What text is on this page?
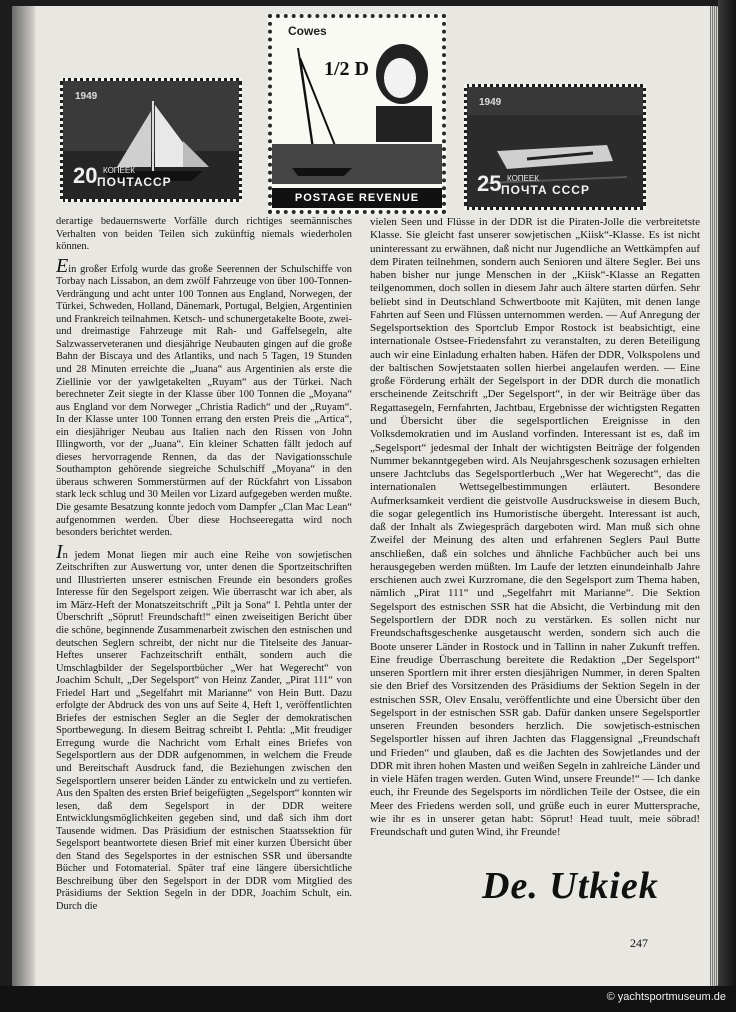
1949
КОПЕЕК
20 ПОЧТАССР
Cowes
1/2 D
POSTAGE REVENUE
1949
КОПЕЕК
25 ПОЧТА СССР

derartige bedauernswerte Vorfälle durch richtiges seemännisches Verhalten von beiden Teilen sich zukünftig niemals wiederholen können.

Ein großer Erfolg wurde das große Seerennen der Schulschiffe von Torbay nach Lissabon, an dem zwölf Fahrzeuge von über 100-Tonnen-Verdrängung und acht unter 100 Tonnen aus England, Norwegen, der Türkei, Schweden, Holland, Dänemark, Portugal, Belgien, Argentinien und Frankreich teilnahmen. Ketsch- und schunergetakelte Boote, zwei- und dreimastige Fahrzeuge mit Rah- und Gaffelsegeln, alte Salzwasserveteranen und diesjährige Neubauten gingen auf die große Bahn der Biscaya und des Atlantiks, und nach 5 Tagen, 19 Stunden und 28 Minuten erreichte die „Juana“ aus Argentinien als erste die Ziellinie vor der yawlgetakelten „Ruyam“ aus der Türkei. Nach berechneter Zeit siegte in der Klasse über 100 Tonnen die „Moyana“ aus England vor dem Norweger „Christia Radich“ und der „Ruyam“. In der Klasse unter 100 Tonnen errang den ersten Preis die „Artica“, ein diesjähriger Neubau aus Italien nach den Rissen von John Illingworth, vor der „Juana“. Ein kleiner Schatten fällt jedoch auf dieses hervorragende Rennen, da das der Navigationsschule Southampton gehörende siegreiche Schulschiff „Moyana“ in den überaus schweren Sommerstürmen auf der Rückfahrt von Lissabon stark leck schlug und 30 Meilen vor Lizard aufgegeben werden mußte. Die gesamte Besatzung konnte jedoch vom Dampfer „Clan Mac Lean“ aufgenommen werden. Über diese Hochseeregatta wird noch besonders berichtet werden.

In jedem Monat liegen mir auch eine Reihe von sowjetischen Zeitschriften zur Auswertung vor, unter denen die Sportzeitschriften und Illustrierten unserer estnischen Freunde ein besonders großes Interesse für den Segelsport zeigen. Wie überrascht war ich aber, als im März-Heft der Monatszeitschrift „Pilt ja Sona“ I. Pehtla unter der Überschrift „Söprut! Freundschaft!“ einen zweiseitigen Bericht über die schöne, beginnende Zusammenarbeit zwischen den estnischen und deutschen Seglern schreibt, der nicht nur die Titelseite des Januar-Heftes unserer Fachzeitschrift enthält, sondern auch die Umschlagbilder der Segelsportbücher „Wer hat Wegerecht“ von Joachim Schult, „Der Segelsport“ von Heinz Zander, „Pirat 111“ von Friedel Hart und „Segelfahrt mit Marianne“ von Hein Butt. Dazu erfolgte der Abdruck des von uns auf Seite 4, Heft 1, veröffentlichten Briefes der estnischen Segler an die Segler der demokratischen Sportbewegung. In diesem Beitrag schreibt I. Pehtla: „Mit freudiger Erregung wurde die Nachricht vom Erhalt eines Briefes von Segelsportlern aus der DDR aufgenommen, in welchem die Freude und Bereitschaft Ausdruck fand, die Beziehungen zwischen den Segelsportlern unserer beiden Länder zu entwickeln und zu vertiefen. Aus den Spalten des ersten Brief beigefügten „Segelsport“ konnten wir lesen, daß dem Segelsport in der DDR weitere Entwicklungsmöglichkeiten gegeben sind, und daß sich ihm dort Tausende widmen. Das Präsidium der estnischen Staatssektion für Segelsport beantwortete diesen Brief mit einer kurzen Übersicht über den Stand des Segelsportes in der estnischen SSR und übersandte Bücher und Fotomaterial. Später traf eine längere übersichtliche Beschreibung über den Segelsport in der DDR vom Mitglied des Präsidiums der Sektion Segeln in der DDR, Joachim Schult, ein. Durch die

vielen Seen und Flüsse in der DDR ist die Piraten-Jolle die verbreitetste Klasse. Sie gleicht fast unserer sowjetischen „Kiisk“-Klasse. Es ist nicht uninteressant zu erwähnen, daß nicht nur Jugendliche an Wettkämpfen auf dem Piraten teilnehmen, sondern auch Senioren und ältere Segler. Bei uns haben bisher nur junge Menschen in der „Kiisk“-Klasse an Regatten teilgenommen, doch sollen in diesem Jahr auch ältere starten dürfen. Sehr beliebt sind in Deutschland Schwertboote mit Kajüten, mit denen lange Fahrten auf Seen und Flüssen unternommen werden. — Auf Anregung der Segelsportsektion des Sportclub Empor Rostock ist beabsichtigt, eine internationale Ostsee-Friedensfahrt zu veranstalten, zu deren Beteiligung auch wir eine Einladung erhalten haben. Häfen der DDR, Volkspolens und der baltischen Sowjetstaaten sollen hierbei angelaufen werden. — Eine große Förderung erhält der Segelsport in der DDR durch die monatlich erscheinende Zeitschrift „Der Segelsport“, in der wir Beiträge über das Regattasegeln, Fernfahrten, Jachtbau, Ergebnisse der wichtigsten Regatten und Übersicht über die segelsportlichen Ereignisse in den Volksdemokratien und im Ausland vorfinden. Interessant ist es, daß im „Segelsport“ jedesmal der Inhalt der wichtigsten Beiträge der folgenden Nummer bekanntgegeben wird. Als Neujahrsgeschenk sozusagen erhielten unsere Jachtclubs das Segelsportlerbuch „Wer hat Wegerecht“, das die internationalen Wettsegelbestimmungen erläutert. Besondere Aufmerksamkeit verdient die geistvolle Ausdrucksweise in diesem Buch, die sogar gelegentlich ins Humoristische übergeht. Interessant ist auch, daß der Inhalt als Zwiegespräch dargeboten wird. Man muß sich ohne Zweifel der Meinung des alten und erfahrenen Seglers Paul Butte anschließen, daß ein solches und ähnliche Fachbücher auch bei uns herausgegeben werden müßten. Im Laufe der letzten einundeinhalb Jahre erschienen auch zwei Kurzromane, die den Segelsport zum Thema haben, nämlich „Pirat 111“ und „Segelfahrt mit Marianne“. Die Sektion Segelsport des estnischen SSR hat die Absicht, die Verbindung mit den Segelsportlern der DDR noch zu verstärken. Es sollen nicht nur Freundschaftsgeschenke ausgetauscht werden, sondern sich auch die Boote unserer Länder in Rostock und in Tallinn in naher Zukunft treffen. Eine freudige Überraschung bereitete die Redaktion „Der Segelsport“ unseren Sportlern mit ihrer ersten diesjährigen Nummer, in deren Spalten sie den Brief des Vorsitzenden des Präsidiums der Sektion Segeln in der estnischen SSR, Olev Ensalu, veröffentlichte und eine Übersicht über den Segelsport in der estnischen SSR gab. Dafür danken unsere Segelsportler unseren Freunden besonders herzlich. Die sowjetisch-estnischen Segelsportler hissen auf ihren Jachten das Flaggensignal „Freundschaft und Frieden“ und glauben, daß es die Jachten des Sowjetlandes und der DDR mit ihren hohen Masten und weißen Segeln in zahlreiche Länder und in viele Häfen tragen werden. Guten Wind, unsere Freunde!“ — Ich danke euch, ihr Freunde des Segelsports im nördlichen Teile der Ostsee, die ein Meer des Friedens werden soll, und grüße euch in eurer Muttersprache, wie ihr es in unserer getan habt: Söprut! Head tuult, meie söbrad! Freundschaft und guten Wind, ihr Freunde!

De. Utkiek
247
© yachtsportmuseum.de
